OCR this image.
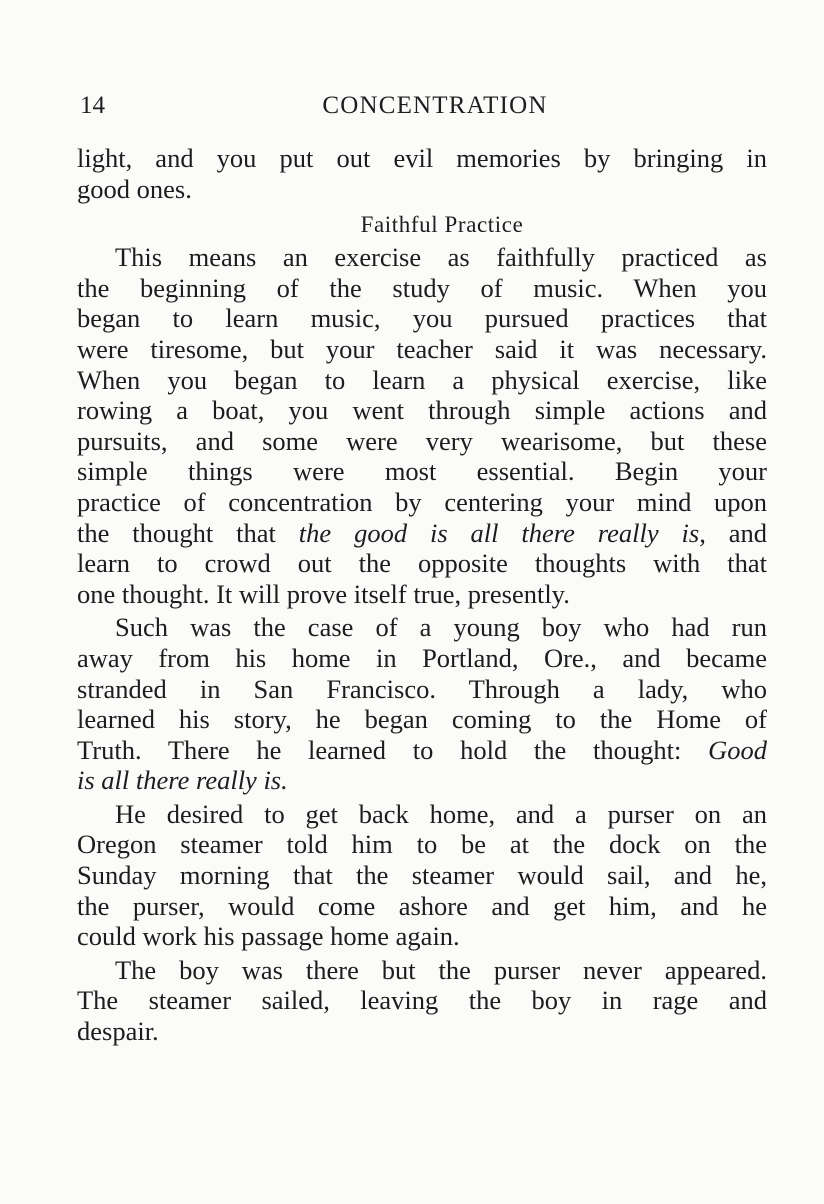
14	CONCENTRATION
light, and you put out evil memories by bringing in
good ones.
Faithful Practice
This means an exercise as faithfully practiced as
the beginning of the study of music. When you
began to learn music, you pursued practices that
were tiresome, but your teacher said it was necessary.
When you began to learn a physical exercise, like
rowing a boat, you went through simple actions and
pursuits, and some were very wearisome, but these
simple things were most essential. Begin your
practice of concentration by centering your mind upon
the thought that the good is all there really is, and
learn to crowd out the opposite thoughts with that
one thought. It will prove itself true, presently.
Such was the case of a young boy who had run
away from his home in Portland, Ore., and became
stranded in San Francisco. Through a lady, who
learned his story, he began coming to the Home of
Truth. There he learned to hold the thought: Good
is all there really is.
He desired to get back home, and a purser on an
Oregon steamer told him to be at the dock on the
Sunday morning that the steamer would sail, and he,
the purser, would come ashore and get him, and he
could work his passage home again.
The boy was there but the purser never appeared.
The steamer sailed, leaving the boy in rage and
despair.
